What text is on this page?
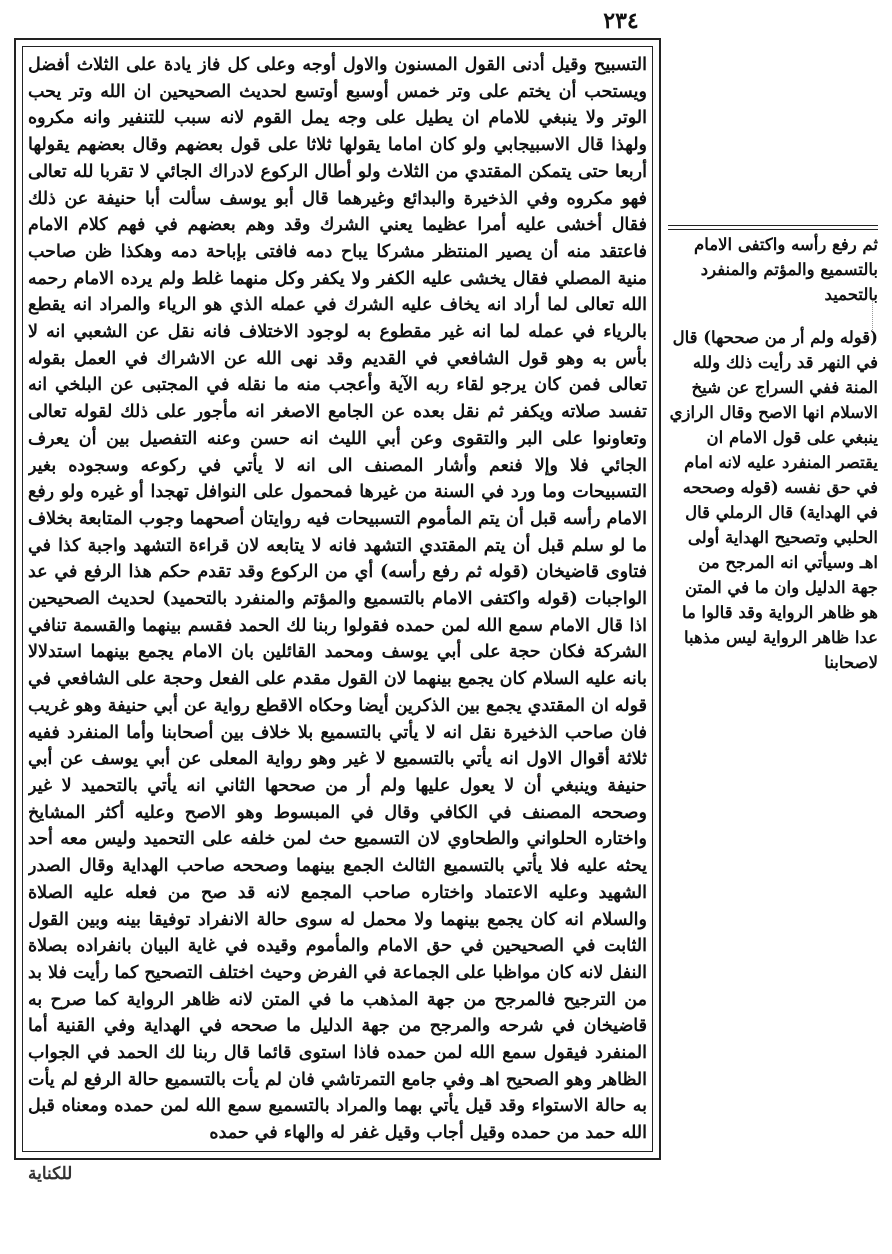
٢٣٤

التسبيح وقيل أدنى القول المسنون والاول أوجه وعلى كل فاز يادة على الثلاث أفضل ويستحب أن يختم على وتر خمس أوسبع أوتسع لحديث الصحيحين ان الله وتر يحب الوتر ولا ينبغي للامام ان يطيل على وجه يمل القوم لانه سبب للتنفير وانه مكروه ولهذا قال الاسبيجابي ولو كان اماما يقولها ثلاثا على قول بعضهم وقال بعضهم يقولها أربعا حتى يتمكن المقتدي من الثلاث ولو أطال الركوع لادراك الجائي لا تقربا لله تعالى فهو مكروه وفي الذخيرة والبدائع وغيرهما قال أبو يوسف سألت أبا حنيفة عن ذلك فقال أخشى عليه أمرا عظيما يعني الشرك وقد وهم بعضهم في فهم كلام الامام فاعتقد منه أن يصير المنتظر مشركا يباح دمه فافتى بإباحة دمه وهكذا ظن صاحب منية المصلي فقال يخشى عليه الكفر ولا يكفر وكل منهما غلط ولم يرده الامام رحمه الله تعالى لما أراد انه يخاف عليه الشرك في عمله الذي هو الرياء والمراد انه يقطع بالرياء في عمله لما انه غير مقطوع به لوجود الاختلاف فانه نقل عن الشعبي انه لا بأس به وهو قول الشافعي في القديم وقد نهى الله عن الاشراك في العمل بقوله تعالى فمن كان يرجو لقاء ربه الآية وأعجب منه ما نقله في المجتبى عن البلخي انه تفسد صلاته ويكفر ثم نقل بعده عن الجامع الاصغر انه مأجور على ذلك لقوله تعالى وتعاونوا على البر والتقوى وعن أبي الليث انه حسن وعنه التفصيل بين أن يعرف الجائي فلا وإلا فنعم وأشار المصنف الى انه لا يأتي في ركوعه وسجوده بغير التسبيحات وما ورد في السنة من غيرها فمحمول على النوافل تهجدا أو غيره ولو رفع الامام رأسه قبل أن يتم المأموم التسبيحات فيه روايتان أصحهما وجوب المتابعة بخلاف ما لو سلم قبل أن يتم المقتدي التشهد فانه لا يتابعه لان قراءة التشهد واجبة كذا في فتاوى قاضيخان (قوله ثم رفع رأسه) أي من الركوع وقد تقدم حكم هذا الرفع في عد الواجبات (قوله واكتفى الامام بالتسميع والمؤتم والمنفرد بالتحميد) لحديث الصحيحين اذا قال الامام سمع الله لمن حمده فقولوا ربنا لك الحمد فقسم بينهما والقسمة تنافي الشركة فكان حجة على أبي يوسف ومحمد القائلين بان الامام يجمع بينهما استدلالا بانه عليه السلام كان يجمع بينهما لان القول مقدم على الفعل وحجة على الشافعي في قوله ان المقتدي يجمع بين الذكرين أيضا وحكاه الاقطع رواية عن أبي حنيفة وهو غريب فان صاحب الذخيرة نقل انه لا يأتي بالتسميع بلا خلاف بين أصحابنا وأما المنفرد ففيه ثلاثة أقوال الاول انه يأتي بالتسميع لا غير وهو رواية المعلى عن أبي يوسف عن أبي حنيفة وينبغي أن لا يعول عليها ولم أر من صححها الثاني انه يأتي بالتحميد لا غير وصححه المصنف في الكافي وقال في المبسوط وهو الاصح وعليه أكثر المشايخ واختاره الحلواني والطحاوي لان التسميع حث لمن خلفه على التحميد وليس معه أحد يحثه عليه فلا يأتي بالتسميع الثالث الجمع بينهما وصححه صاحب الهداية وقال الصدر الشهيد وعليه الاعتماد واختاره صاحب المجمع لانه قد صح من فعله عليه الصلاة والسلام انه كان يجمع بينهما ولا محمل له سوى حالة الانفراد توفيقا بينه وبين القول الثابت في الصحيحين في حق الامام والمأموم وقيده في غاية البيان بانفراده بصلاة النفل لانه كان مواظبا على الجماعة في الفرض وحيث اختلف التصحيح كما رأيت فلا بد من الترجيح فالمرجح من جهة المذهب ما في المتن لانه ظاهر الرواية كما صرح به قاضيخان في شرحه والمرجح من جهة الدليل ما صححه في الهداية وفي القنية أما المنفرد فيقول سمع الله لمن حمده فاذا استوى قائما قال ربنا لك الحمد في الجواب الظاهر وهو الصحيح اهـ وفي جامع التمرتاشي فان لم يأت بالتسميع حالة الرفع لم يأت به حالة الاستواء وقد قيل يأتي بهما والمراد بالتسميع سمع الله لمن حمده ومعناه قبل الله حمد من حمده وقيل أجاب وقيل غفر له والهاء في حمده

ثم رفع رأسه واكتفى الامام بالتسميع والمؤتم والمنفرد بالتحميد

(قوله ولم أر من صححها) قال في النهر قد رأيت ذلك ولله المنة ففي السراج عن شيخ الاسلام انها الاصح وقال الرازي ينبغي على قول الامام ان يقتصر المنفرد عليه لانه امام في حق نفسه (قوله وصححه في الهداية) قال الرملي قال الحلبي وتصحيح الهداية أولى اهـ وسيأتي انه المرجح من جهة الدليل وان ما في المتن هو ظاهر الرواية وقد قالوا ما عدا ظاهر الرواية ليس مذهبا لاصحابنا

للكناية
